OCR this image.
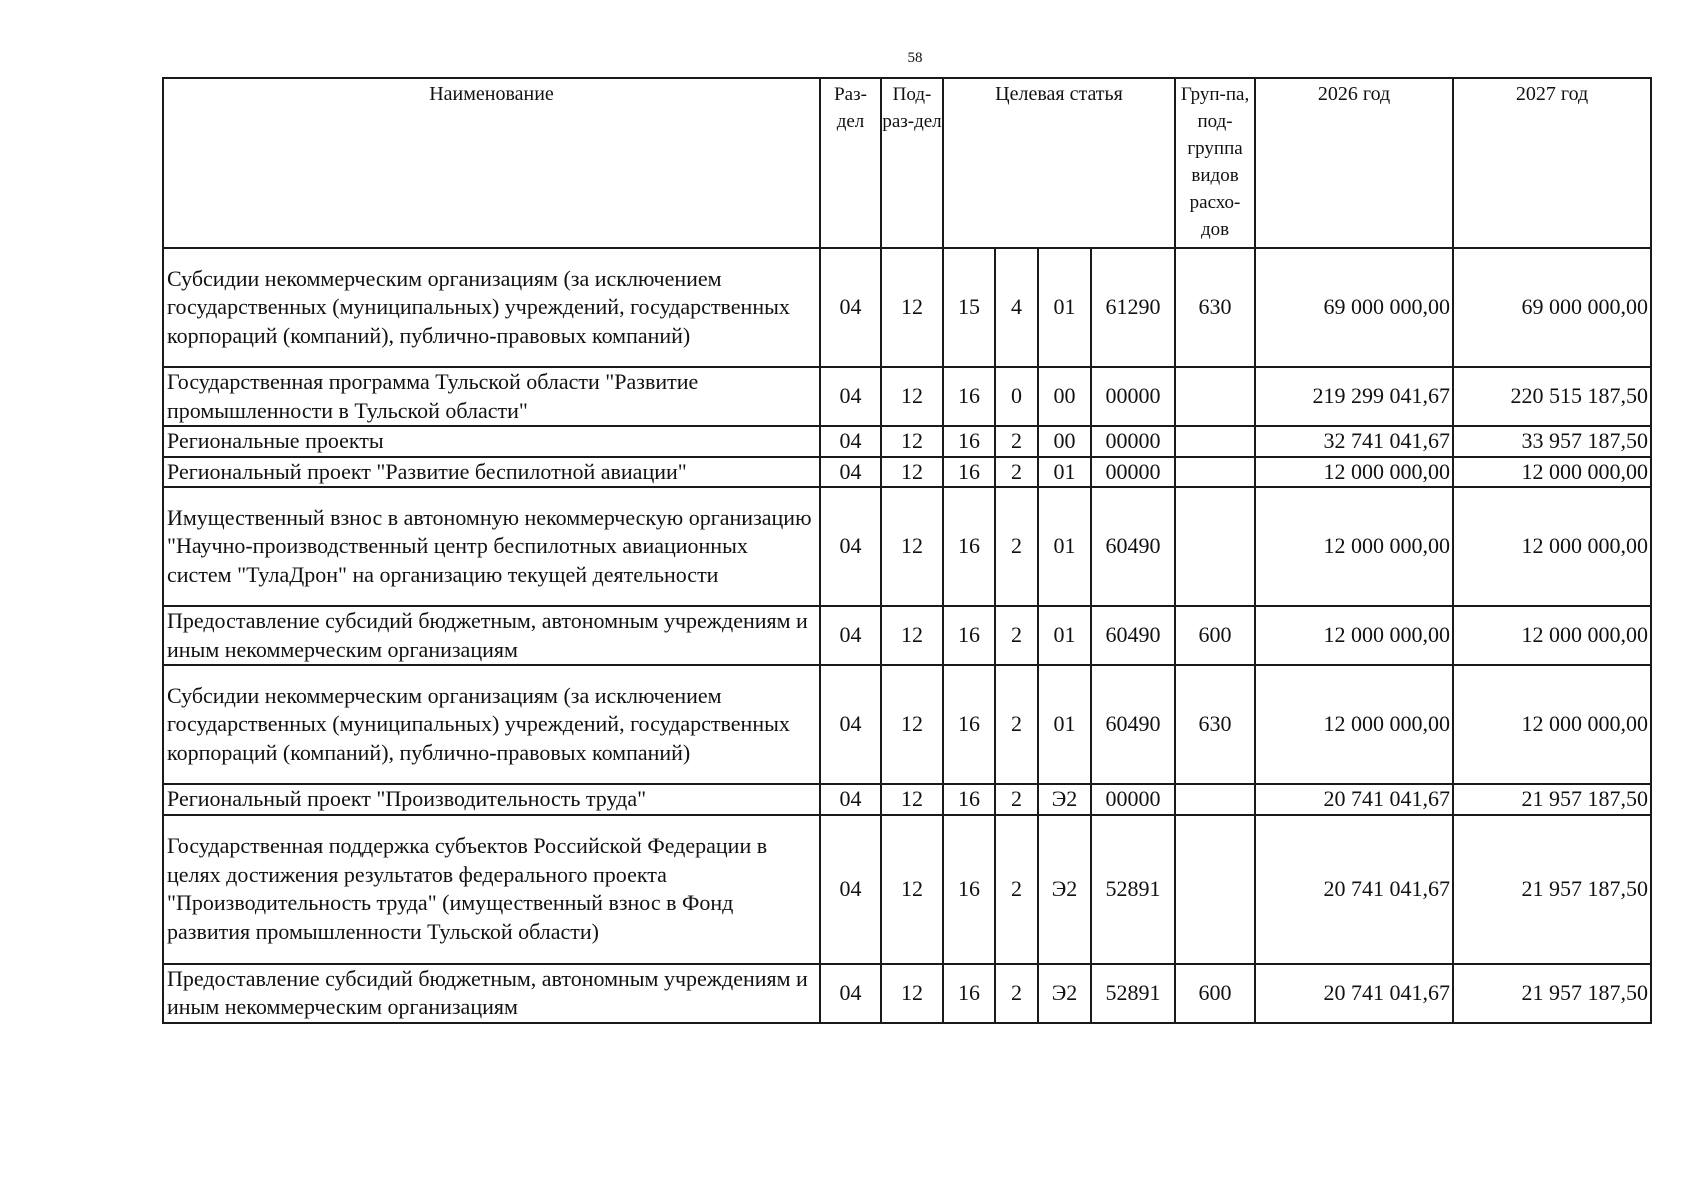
58
Наименование	Раз-дел	Под-раз-дел	Целевая статья				Груп-па, под-группа видов расхо-дов	2026 год	2027 год
Субсидии некоммерческим организациям (за исключением государственных (муниципальных) учреждений, государственных корпораций (компаний), публично-правовых компаний)	04	12	15	4	01	61290	630	69 000 000,00	69 000 000,00
Государственная программа Тульской области "Развитие промышленности в Тульской области"	04	12	16	0	00	00000		219 299 041,67	220 515 187,50
Региональные проекты	04	12	16	2	00	00000		32 741 041,67	33 957 187,50
Региональный проект "Развитие беспилотной авиации"	04	12	16	2	01	00000		12 000 000,00	12 000 000,00
Имущественный взнос в автономную некоммерческую организацию "Научно-производственный центр беспилотных авиационных систем "ТулаДрон" на организацию текущей деятельности	04	12	16	2	01	60490		12 000 000,00	12 000 000,00
Предоставление субсидий бюджетным, автономным учреждениям и иным некоммерческим организациям	04	12	16	2	01	60490	600	12 000 000,00	12 000 000,00
Субсидии некоммерческим организациям (за исключением государственных (муниципальных) учреждений, государственных корпораций (компаний), публично-правовых компаний)	04	12	16	2	01	60490	630	12 000 000,00	12 000 000,00
Региональный проект "Производительность труда"	04	12	16	2	Э2	00000		20 741 041,67	21 957 187,50
Государственная поддержка субъектов Российской Федерации в целях достижения результатов федерального проекта "Производительность труда" (имущественный взнос в Фонд развития промышленности Тульской области)	04	12	16	2	Э2	52891		20 741 041,67	21 957 187,50
Предоставление субсидий бюджетным, автономным учреждениям и иным некоммерческим организациям	04	12	16	2	Э2	52891	600	20 741 041,67	21 957 187,50
